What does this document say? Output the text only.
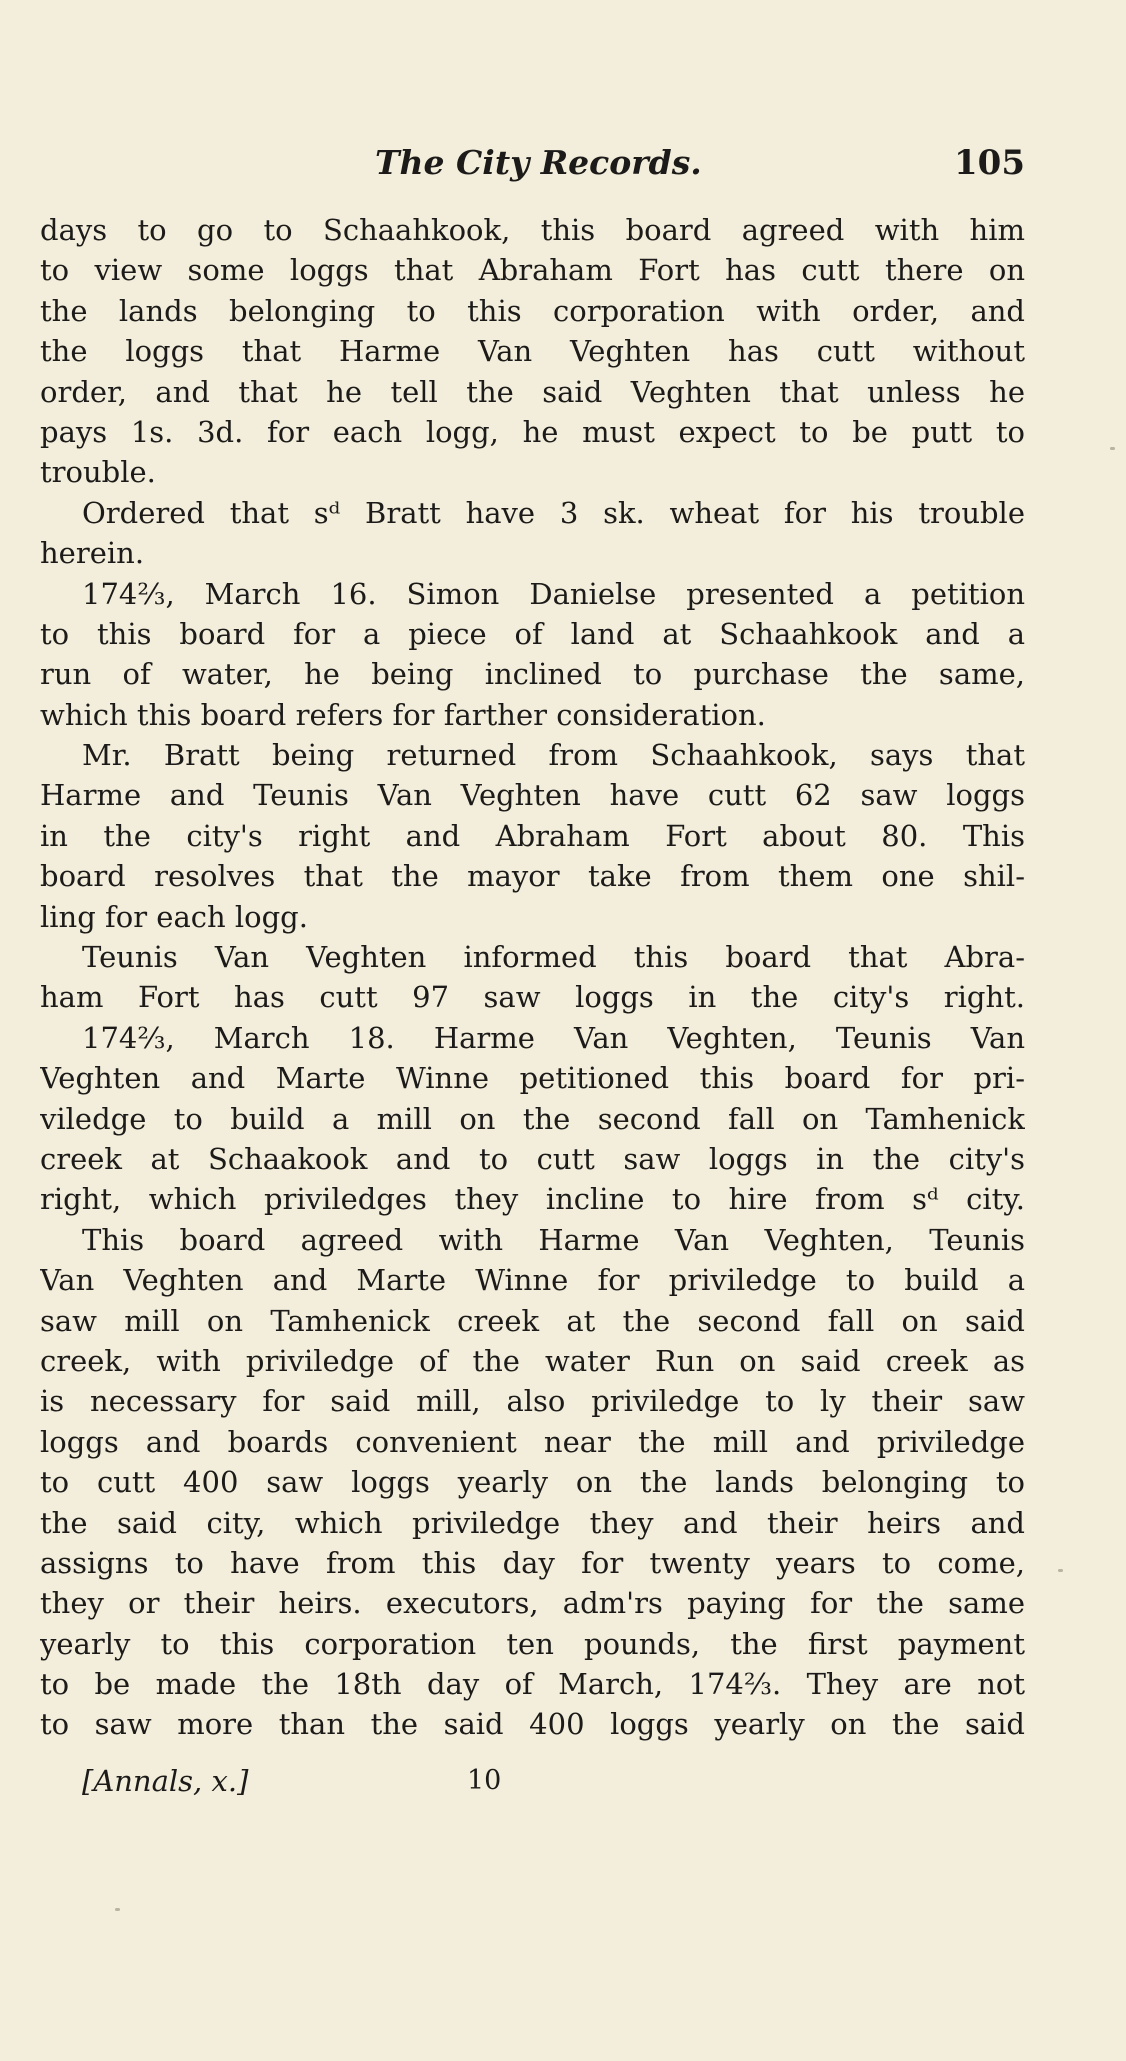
The City Records.	105
days to go to Schaahkook, this board agreed with him
to view some loggs that Abraham Fort has cutt there on
the lands belonging to this corporation with order, and
the loggs that Harme Van Veghten has cutt without
order, and that he tell the said Veghten that unless he
pays 1s. 3d. for each logg, he must expect to be putt to
trouble.
Ordered that sᵈ Bratt have 3 sk. wheat for his trouble
herein.
174⅔, March 16. Simon Danielse presented a petition
to this board for a piece of land at Schaahkook and a
run of water, he being inclined to purchase the same,
which this board refers for farther consideration.
Mr. Bratt being returned from Schaahkook, says that
Harme and Teunis Van Veghten have cutt 62 saw loggs
in the city's right and Abraham Fort about 80. This
board resolves that the mayor take from them one shil-
ling for each logg.
Teunis Van Veghten informed this board that Abra-
ham Fort has cutt 97 saw loggs in the city's right.
174⅔, March 18. Harme Van Veghten, Teunis Van
Veghten and Marte Winne petitioned this board for pri-
viledge to build a mill on the second fall on Tamhenick
creek at Schaakook and to cutt saw loggs in the city's
right, which priviledges they incline to hire from sᵈ city.
This board agreed with Harme Van Veghten, Teunis
Van Veghten and Marte Winne for priviledge to build a
saw mill on Tamhenick creek at the second fall on said
creek, with priviledge of the water Run on said creek as
is necessary for said mill, also priviledge to ly their saw
loggs and boards convenient near the mill and priviledge
to cutt 400 saw loggs yearly on the lands belonging to
the said city, which priviledge they and their heirs and
assigns to have from this day for twenty years to come,
they or their heirs. executors, adm'rs paying for the same
yearly to this corporation ten pounds, the first payment
to be made the 18th day of March, 174⅔. They are not
to saw more than the said 400 loggs yearly on the said
[Annals, x.]	10
